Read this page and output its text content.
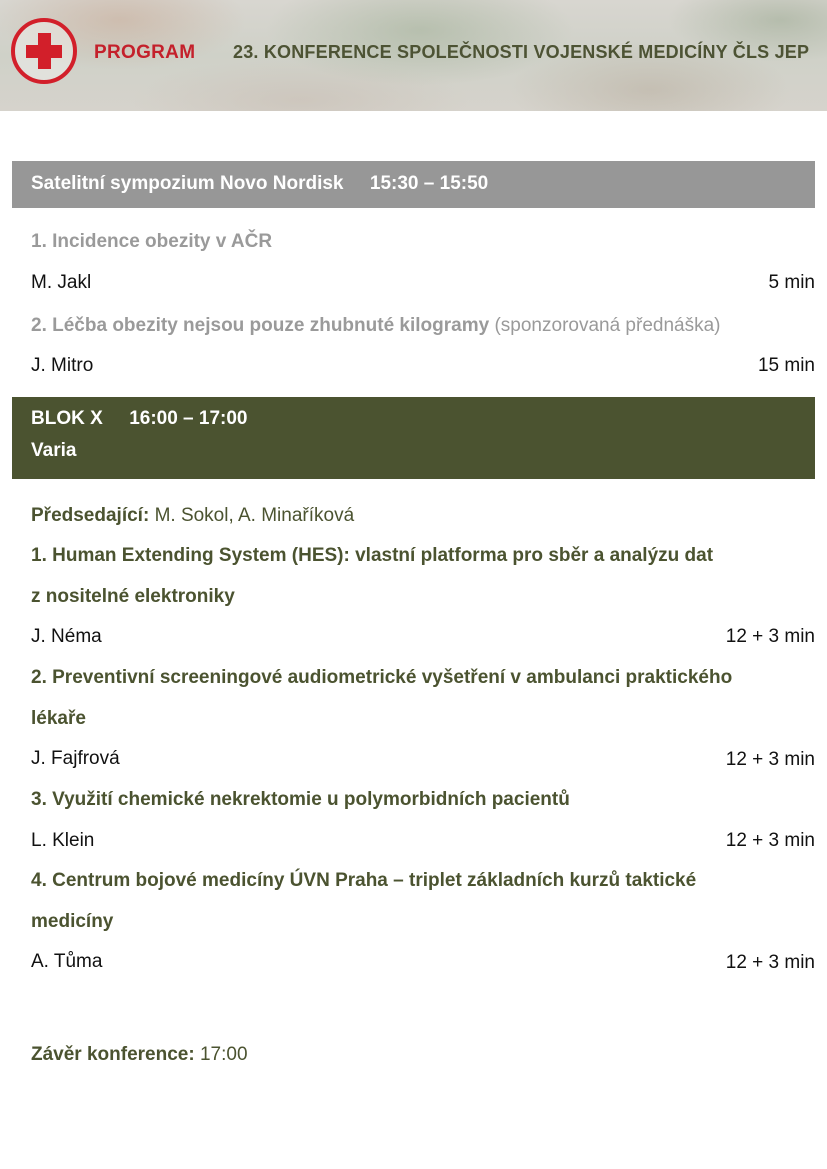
PROGRAM 23. KONFERENCE SPOLEČNOSTI VOJENSKÉ MEDICÍNY ČLS JEP
Satelitní sympozium Novo Nordisk 15:30 – 15:50
1. Incidence obezity v AČR
M. Jakl	5 min
2. Léčba obezity nejsou pouze zhubnuté kilogramy (sponzorovaná přednáška)
J. Mitro	15 min
BLOK X 16:00 – 17:00
Varia
Předsedající: M. Sokol, A. Minaříková
1. Human Extending System (HES): vlastní platforma pro sběr a analýzu dat
z nositelné elektroniky
J. Néma	12 + 3 min
2. Preventivní screeningové audiometrické vyšetření v ambulanci praktického
lékaře
J. Fajfrová	12 + 3 min
3. Využití chemické nekrektomie u polymorbidních pacientů
L. Klein	12 + 3 min
4. Centrum bojové medicíny ÚVN Praha – triplet základních kurzů taktické
medicíny
A. Tůma	12 + 3 min
Závěr konference: 17:00
